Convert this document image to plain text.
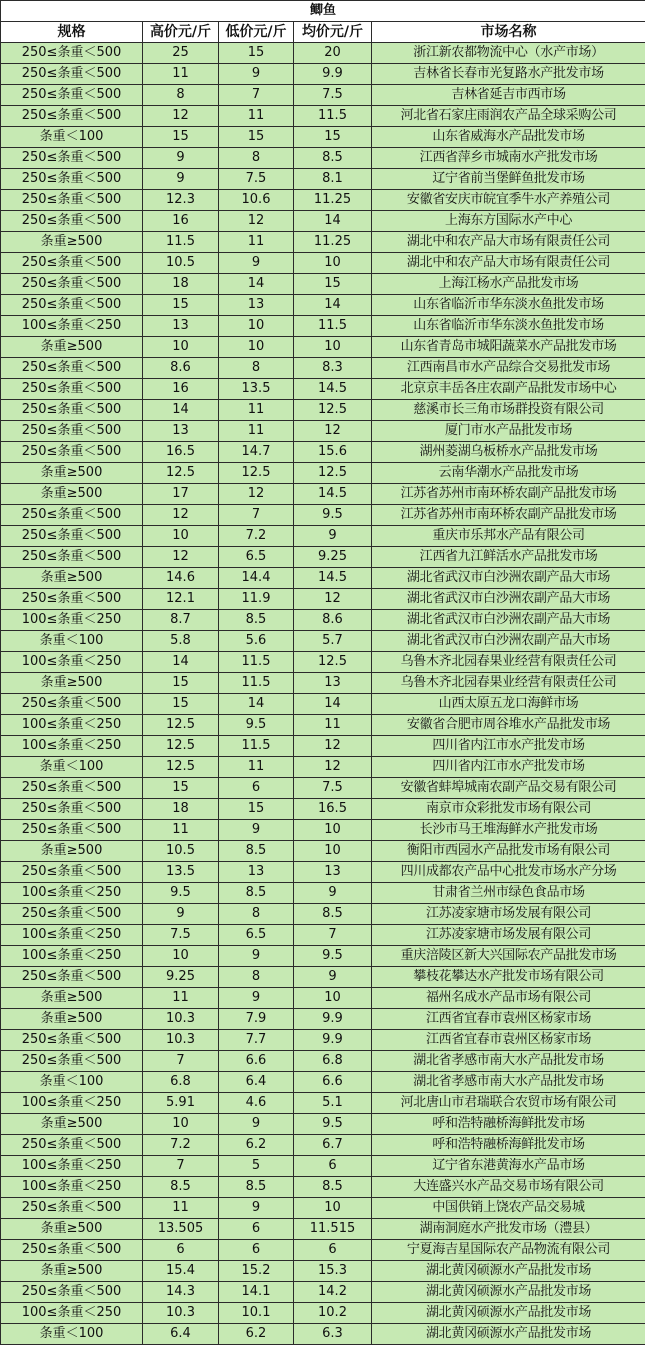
鲫鱼				
规格	高价元/斤	低价元/斤	均价元/斤	市场名称
250≤条重＜500	25	15	20	浙江新农都物流中心（水产市场）
250≤条重＜500	11	9	9.9	吉林省长春市光复路水产批发市场
250≤条重＜500	8	7	7.5	吉林省延吉市西市场
250≤条重＜500	12	11	11.5	河北省石家庄雨润农产品全球采购公司
条重＜100	15	15	15	山东省威海水产品批发市场
250≤条重＜500	9	8	8.5	江西省萍乡市城南水产批发市场
250≤条重＜500	9	7.5	8.1	辽宁省前当堡鲜鱼批发市场
250≤条重＜500	12.3	10.6	11.25	安徽省安庆市皖宜季牛水产养殖公司
250≤条重＜500	16	12	14	上海东方国际水产中心
条重≥500	11.5	11	11.25	湖北中和农产品大市场有限责任公司
250≤条重＜500	10.5	9	10	湖北中和农产品大市场有限责任公司
250≤条重＜500	18	14	15	上海江杨水产品批发市场
250≤条重＜500	15	13	14	山东省临沂市华东淡水鱼批发市场
100≤条重＜250	13	10	11.5	山东省临沂市华东淡水鱼批发市场
条重≥500	10	10	10	山东省青岛市城阳蔬菜水产品批发市场
250≤条重＜500	8.6	8	8.3	江西南昌市水产品综合交易批发市场
250≤条重＜500	16	13.5	14.5	北京京丰岳各庄农副产品批发市场中心
250≤条重＜500	14	11	12.5	慈溪市长三角市场群投资有限公司
250≤条重＜500	13	11	12	厦门市水产品批发市场
250≤条重＜500	16.5	14.7	15.6	湖州菱湖乌板桥水产品批发市场
条重≥500	12.5	12.5	12.5	云南华潮水产品批发市场
条重≥500	17	12	14.5	江苏省苏州市南环桥农副产品批发市场
250≤条重＜500	12	7	9.5	江苏省苏州市南环桥农副产品批发市场
250≤条重＜500	10	7.2	9	重庆市乐邦水产品有限公司
250≤条重＜500	12	6.5	9.25	江西省九江鲜活水产品批发市场
条重≥500	14.6	14.4	14.5	湖北省武汉市白沙洲农副产品大市场
250≤条重＜500	12.1	11.9	12	湖北省武汉市白沙洲农副产品大市场
100≤条重＜250	8.7	8.5	8.6	湖北省武汉市白沙洲农副产品大市场
条重＜100	5.8	5.6	5.7	湖北省武汉市白沙洲农副产品大市场
100≤条重＜250	14	11.5	12.5	乌鲁木齐北园春果业经营有限责任公司
条重≥500	15	11.5	13	乌鲁木齐北园春果业经营有限责任公司
250≤条重＜500	15	14	14	山西太原五龙口海鲜市场
100≤条重＜250	12.5	9.5	11	安徽省合肥市周谷堆水产品批发市场
100≤条重＜250	12.5	11.5	12	四川省内江市水产批发市场
条重＜100	12.5	11	12	四川省内江市水产批发市场
250≤条重＜500	15	6	7.5	安徽省蚌埠城南农副产品交易有限公司
250≤条重＜500	18	15	16.5	南京市众彩批发市场有限公司
250≤条重＜500	11	9	10	长沙市马王堆海鲜水产批发市场
条重≥500	10.5	8.5	10	衡阳市西园水产品批发市场有限公司
250≤条重＜500	13.5	13	13	四川成都农产品中心批发市场水产分场
100≤条重＜250	9.5	8.5	9	甘肃省兰州市绿色食品市场
250≤条重＜500	9	8	8.5	江苏凌家塘市场发展有限公司
100≤条重＜250	7.5	6.5	7	江苏凌家塘市场发展有限公司
100≤条重＜250	10	9	9.5	重庆涪陵区新大兴国际农产品批发市场
250≤条重＜500	9.25	8	9	攀枝花攀达水产批发市场有限公司
条重≥500	11	9	10	福州名成水产品市场有限公司
条重≥500	10.3	7.9	9.9	江西省宜春市袁州区杨家市场
250≤条重＜500	10.3	7.7	9.9	江西省宜春市袁州区杨家市场
250≤条重＜500	7	6.6	6.8	湖北省孝感市南大水产品批发市场
条重＜100	6.8	6.4	6.6	湖北省孝感市南大水产品批发市场
100≤条重＜250	5.91	4.6	5.1	河北唐山市君瑞联合农贸市场有限公司
条重≥500	10	9	9.5	呼和浩特融桥海鲜批发市场
250≤条重＜500	7.2	6.2	6.7	呼和浩特融桥海鲜批发市场
100≤条重＜250	7	5	6	辽宁省东港黄海水产品市场
100≤条重＜250	8.5	8.5	8.5	大连盛兴水产品交易市场有限公司
250≤条重＜500	11	9	10	中国供销上饶农产品交易城
条重≥500	13.505	6	11.515	湖南洞庭水产批发市场（澧县）
250≤条重＜500	6	6	6	宁夏海吉星国际农产品物流有限公司
条重≥500	15.4	15.2	15.3	湖北黄冈硕源水产品批发市场
250≤条重＜500	14.3	14.1	14.2	湖北黄冈硕源水产品批发市场
100≤条重＜250	10.3	10.1	10.2	湖北黄冈硕源水产品批发市场
条重＜100	6.4	6.2	6.3	湖北黄冈硕源水产品批发市场
